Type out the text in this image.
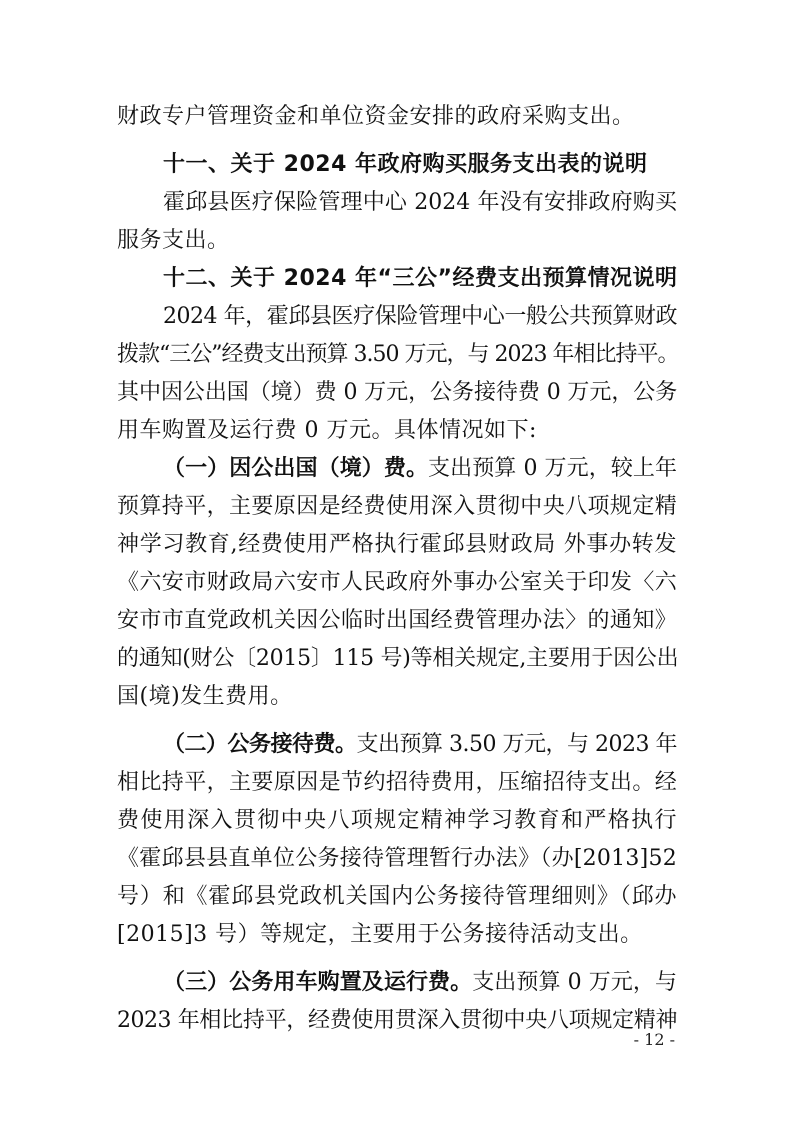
财政专户管理资金和单位资金安排的政府采购支出。
十一、关于 2024 年政府购买服务支出表的说明
霍邱县医疗保险管理中心 2024 年没有安排政府购买
服务支出。
十二、关于 2024 年“三公”经费支出预算情况说明
2024 年，霍邱县医疗保险管理中心一般公共预算财政
拨款“三公”经费支出预算 3.50 万元，与 2023 年相比持平。
其中因公出国（境）费 0 万元，公务接待费 0 万元，公务
用车购置及运行费 0 万元。具体情况如下:
（一）因公出国（境）费。支出预算 0 万元，较上年
预算持平，主要原因是经费使用深入贯彻中央八项规定精
神学习教育,经费使用严格执行霍邱县财政局 外事办转发
《六安市财政局六安市人民政府外事办公室关于印发〈六
安市市直党政机关因公临时出国经费管理办法〉的通知》
的通知(财公〔2015〕115 号)等相关规定,主要用于因公出
国(境)发生费用。
（二）公务接待费。支出预算 3.50 万元，与 2023 年
相比持平，主要原因是节约招待费用，压缩招待支出。经
费使用深入贯彻中央八项规定精神学习教育和严格执行
《霍邱县县直单位公务接待管理暂行办法》（办[2013]52
号）和《霍邱县党政机关国内公务接待管理细则》（邱办
[2015]3 号）等规定，主要用于公务接待活动支出。
（三）公务用车购置及运行费。支出预算 0 万元，与
2023 年相比持平，经费使用贯深入贯彻中央八项规定精神
- 12 -
